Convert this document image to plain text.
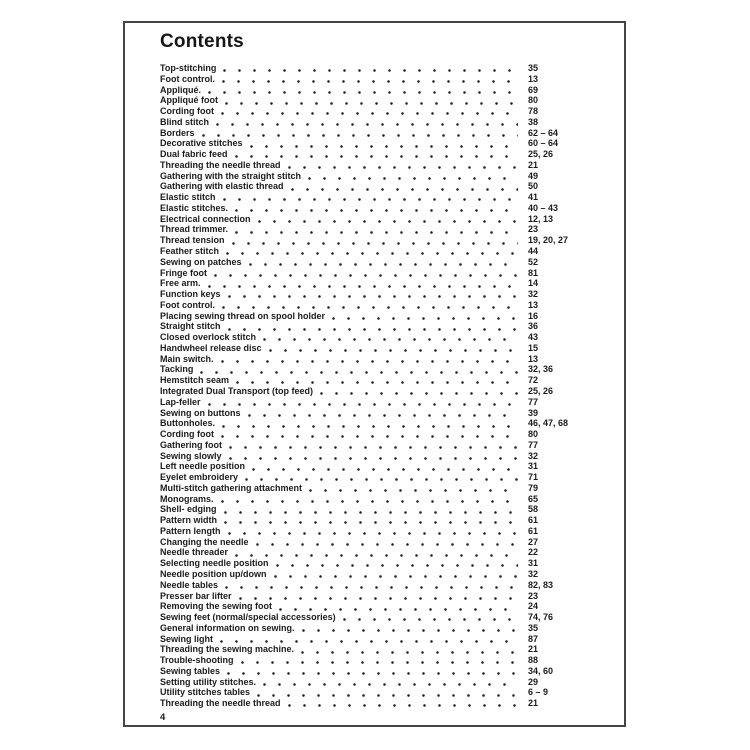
Contents
Top-stitching	35
Foot control.	13
Appliqué.	69
Appliqué foot	80
Cording foot	78
Blind stitch	38
Borders	62 – 64
Decorative stitches	60 – 64
Dual fabric feed	25, 26
Threading the needle thread	21
Gathering with the straight stitch	49
Gathering with elastic thread	50
Elastic stitch	41
Elastic stitches.	40 – 43
Electrical connection	12, 13
Thread trimmer.	23
Thread tension	19, 20, 27
Feather stitch	44
Sewing on patches	52
Fringe foot	81
Free arm.	14
Function keys	32
Foot control.	13
Placing sewing thread on spool holder	16
Straight stitch	36
Closed overlock stitch	43
Handwheel release disc	15
Main switch.	13
Tacking	32, 36
Hemstitch seam	72
Integrated Dual Transport (top feed)	25, 26
Lap-feller	77
Sewing on buttons	39
Buttonholes.	46, 47, 68
Cording foot	80
Gathering foot	77
Sewing slowly	32
Left needle position	31
Eyelet embroidery	71
Multi-stitch gathering attachment	79
Monograms.	65
Shell- edging	58
Pattern width	61
Pattern length	61
Changing the needle	27
Needle threader	22
Selecting needle position	31
Needle position up/down	32
Needle tables	82, 83
Presser bar lifter	23
Removing the sewing foot	24
Sewing feet (normal/special accessories)	74, 76
General information on sewing.	35
Sewing light	87
Threading the sewing machine.	21
Trouble-shooting	88
Sewing tables	34, 60
Setting utility stitches.	29
Utility stitches tables	6 – 9
Threading the needle thread	21
4
